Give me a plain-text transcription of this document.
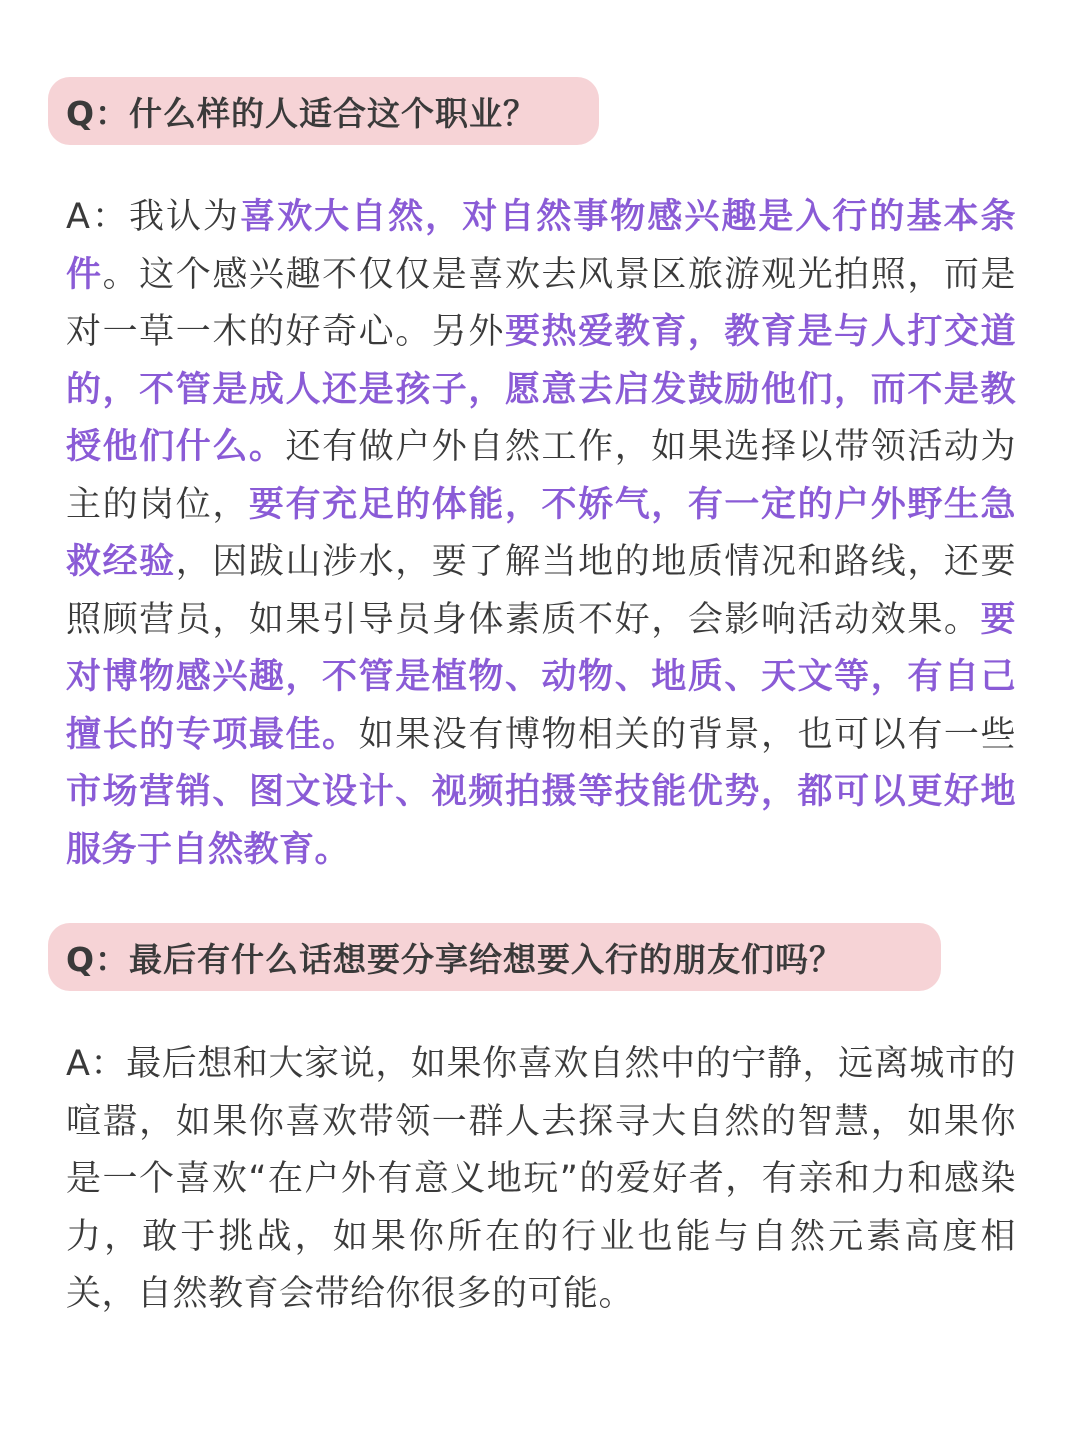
Q：什么样的人适合这个职业？

A：我认为喜欢大自然，对自然事物感兴趣是入行的基本条件。这个感兴趣不仅仅是喜欢去风景区旅游观光拍照，而是对一草一木的好奇心。另外要热爱教育，教育是与人打交道的，不管是成人还是孩子，愿意去启发鼓励他们，而不是教授他们什么。还有做户外自然工作，如果选择以带领活动为主的岗位，要有充足的体能，不娇气，有一定的户外野生急救经验，因跋山涉水，要了解当地的地质情况和路线，还要照顾营员，如果引导员身体素质不好，会影响活动效果。要对博物感兴趣，不管是植物、动物、地质、天文等，有自己擅长的专项最佳。如果没有博物相关的背景，也可以有一些市场营销、图文设计、视频拍摄等技能优势，都可以更好地服务于自然教育。

Q：最后有什么话想要分享给想要入行的朋友们吗？

A：最后想和大家说，如果你喜欢自然中的宁静，远离城市的喧嚣，如果你喜欢带领一群人去探寻大自然的智慧，如果你是一个喜欢“在户外有意义地玩”的爱好者，有亲和力和感染力，敢于挑战，如果你所在的行业也能与自然元素高度相关，自然教育会带给你很多的可能。
